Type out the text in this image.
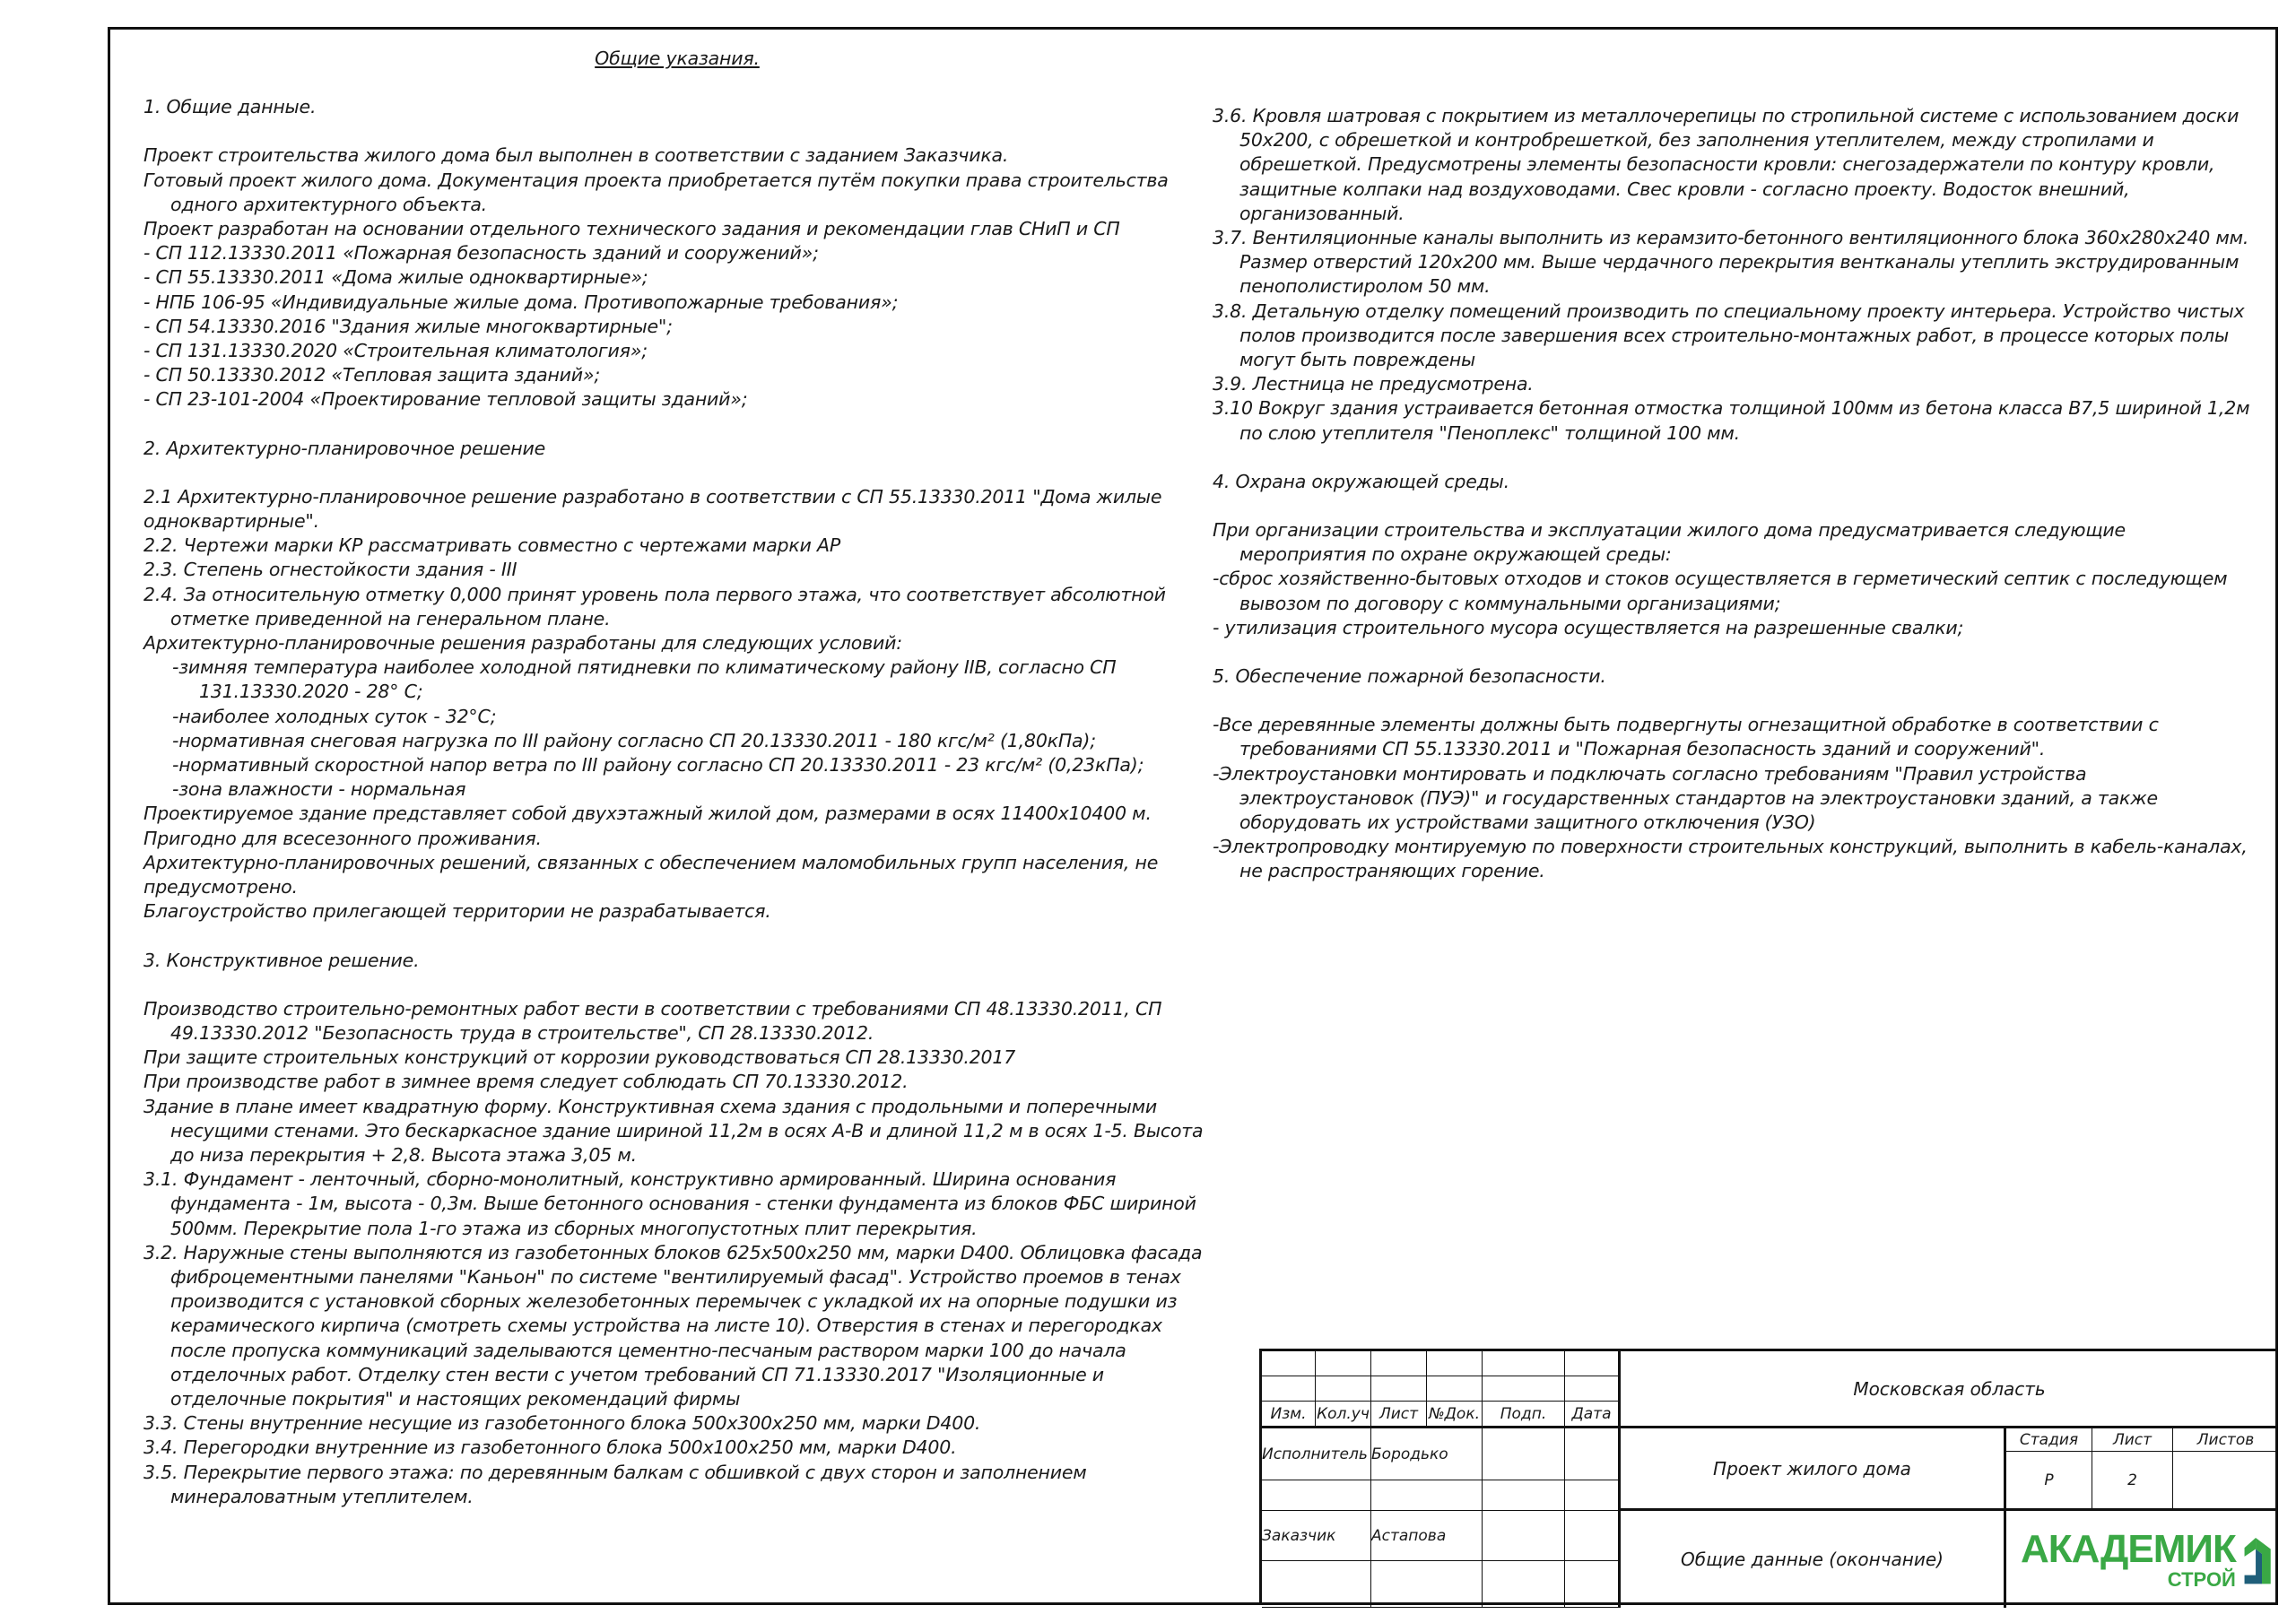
Общие указания.

1. Общие данные.

Проект строительства жилого дома был выполнен в соответствии с заданием Заказчика.

Готовый проект жилого дома. Документация проекта приобретается путём покупки права строительства одного архитектурного объекта.

Проект разработан на основании отдельного технического задания и рекомендации глав СНиП и СП

- СП 112.13330.2011 «Пожарная безопасность зданий и сооружений»;

- СП 55.13330.2011 «Дома жилые одноквартирные»;

- НПБ 106-95 «Индивидуальные жилые дома. Противопожарные требования»;

- СП 54.13330.2016 "Здания жилые многоквартирные";

- СП 131.13330.2020 «Строительная климатология»;

- СП 50.13330.2012 «Тепловая защита зданий»;

- СП 23-101-2004 «Проектирование тепловой защиты зданий»;

2. Архитектурно-планировочное решение

2.1 Архитектурно-планировочное решение разработано в соответствии с СП 55.13330.2011 "Дома жилые одноквартирные".

2.2. Чертежи марки КР рассматривать совместно с чертежами марки АР

2.3. Степень огнестойкости здания - III

2.4. За относительную отметку 0,000 принят уровень пола первого этажа, что соответствует абсолютной отметке приведенной на генеральном плане.

Архитектурно-планировочные решения разработаны для следующих условий:

-зимняя температура наиболее холодной пятидневки по климатическому району IIВ, согласно СП 131.13330.2020 - 28° С;

-наиболее холодных суток - 32°С;

-нормативная снеговая нагрузка по III району согласно СП 20.13330.2011 - 180 кгс/м² (1,80кПа);

-нормативный скоростной напор ветра по III району согласно СП 20.13330.2011 - 23 кгс/м² (0,23кПа);

-зона влажности - нормальная

Проектируемое здание представляет собой двухэтажный жилой дом, размерами в осях 11400х10400 м. Пригодно для всесезонного проживания.

Архитектурно-планировочных решений, связанных с обеспечением маломобильных групп населения, не предусмотрено.

Благоустройство прилегающей территории не разрабатывается.

3. Конструктивное решение.

Производство строительно-ремонтных работ вести в соответствии с требованиями СП 48.13330.2011, СП 49.13330.2012 "Безопасность труда в строительстве", СП 28.13330.2012.

При защите строительных конструкций от коррозии руководствоваться СП 28.13330.2017

При производстве работ в зимнее время следует соблюдать СП 70.13330.2012.

Здание в плане имеет квадратную форму. Конструктивная схема здания с продольными и поперечными несущими стенами. Это бескаркасное здание шириной 11,2м в осях А-В и длиной 11,2 м в осях 1-5. Высота до низа перекрытия + 2,8. Высота этажа 3,05 м.

3.1. Фундамент - ленточный, сборно-монолитный, конструктивно армированный. Ширина основания фундамента - 1м, высота - 0,3м. Выше бетонного основания - стенки фундамента из блоков ФБС шириной 500мм. Перекрытие пола 1-го этажа из сборных многопустотных плит перекрытия.

3.2. Наружные стены выполняются из газобетонных блоков 625х500х250 мм, марки D400. Облицовка фасада фиброцементными панелями "Каньон" по системе "вентилируемый фасад". Устройство проемов в тенах производится с установкой сборных железобетонных перемычек с укладкой их на опорные подушки из керамического кирпича (смотреть схемы устройства на листе 10). Отверстия в стенах и перегородках после пропуска коммуникаций заделываются цементно-песчаным раствором марки 100 до начала отделочных работ. Отделку стен вести с учетом требований СП 71.13330.2017 "Изоляционные и отделочные покрытия" и настоящих рекомендаций фирмы

3.3. Стены внутренние несущие из газобетонного блока 500х300х250 мм, марки D400.

3.4. Перегородки внутренние из газобетонного блока 500х100х250 мм, марки D400.

3.5. Перекрытие первого этажа: по деревянным балкам с обшивкой с двух сторон и заполнением минераловатным утеплителем.

3.6. Кровля шатровая с покрытием из металлочерепицы по стропильной системе с использованием доски 50х200, с обрешеткой и контробрешеткой, без заполнения утеплителем, между стропилами и обрешеткой. Предусмотрены элементы безопасности кровли: снегозадержатели по контуру кровли, защитные колпаки над воздуховодами. Свес кровли - согласно проекту. Водосток внешний, организованный.

3.7. Вентиляционные каналы выполнить из керамзито-бетонного вентиляционного блока 360х280х240 мм. Размер отверстий 120х200 мм. Выше чердачного перекрытия вентканалы утеплить экструдированным пенополистиролом 50 мм.

3.8. Детальную отделку помещений производить по специальному проекту интерьера. Устройство чистых полов производится после завершения всех строительно-монтажных работ, в процессе которых полы могут быть повреждены

3.9. Лестница не предусмотрена.

3.10 Вокруг здания устраивается бетонная отмостка толщиной 100мм из бетона класса В7,5 шириной 1,2м по слою утеплителя "Пеноплекс" толщиной 100 мм.

4. Охрана окружающей среды.

При организации строительства и эксплуатации жилого дома предусматривается следующие мероприятия по охране окружающей среды:

-сброс хозяйственно-бытовых отходов и стоков осуществляется в герметический септик с последующем вывозом по договору с коммунальными организациями;

- утилизация строительного мусора осуществляется на разрешенные свалки;

5. Обеспечение пожарной безопасности.

-Все деревянные элементы должны быть подвергнуты огнезащитной обработке в соответствии с требованиями СП 55.13330.2011 и "Пожарная безопасность зданий и сооружений".

-Электроустановки монтировать и подключать согласно требованиям "Правил устройства электроустановок (ПУЭ)" и государственных стандартов на электроустановки зданий, а также оборудовать их устройствами защитного отключения (УЗО)

-Электропроводку монтируемую по поверхности строительных конструкций, выполнить в кабель-каналах, не распространяющих горение.

Изм. Кол.уч Лист №Док.	Подп.	Дата
Исполнитель Бородько
Заказчик	Астапова
Московская область
Проект жилого дома
Стадия	Лист	Листов
Р	2
Общие данные (окончание)	АКАДЕМИК
СТРОЙ
